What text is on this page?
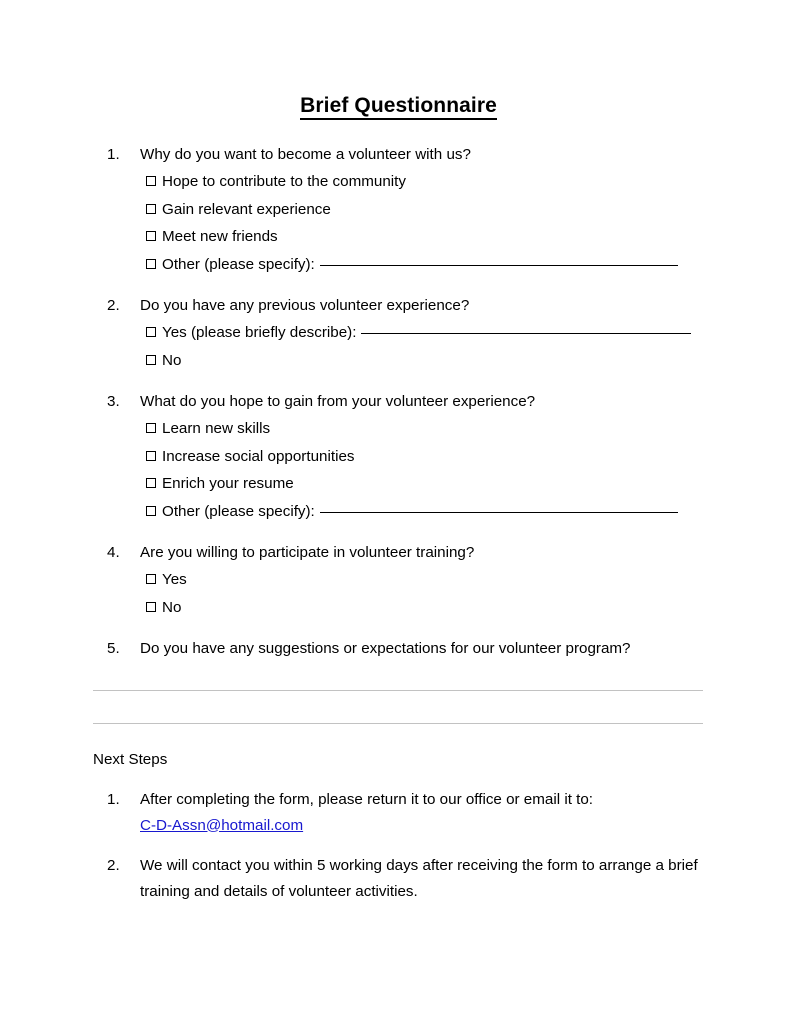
Brief Questionnaire
1.	Why do you want to become a volunteer with us?
Hope to contribute to the community
Gain relevant experience
Meet new friends
Other (please specify):
2.	Do you have any previous volunteer experience?
Yes (please briefly describe):
No
3.	What do you hope to gain from your volunteer experience?
Learn new skills
Increase social opportunities
Enrich your resume
Other (please specify):
4.	Are you willing to participate in volunteer training?
Yes
No
5.	Do you have any suggestions or expectations for our volunteer program?
Next Steps
1. After completing the form, please return it to our office or email it to:
C-D-Assn@hotmail.com
2. We will contact you within 5 working days after receiving the form to arrange a brief training and details of volunteer activities.
